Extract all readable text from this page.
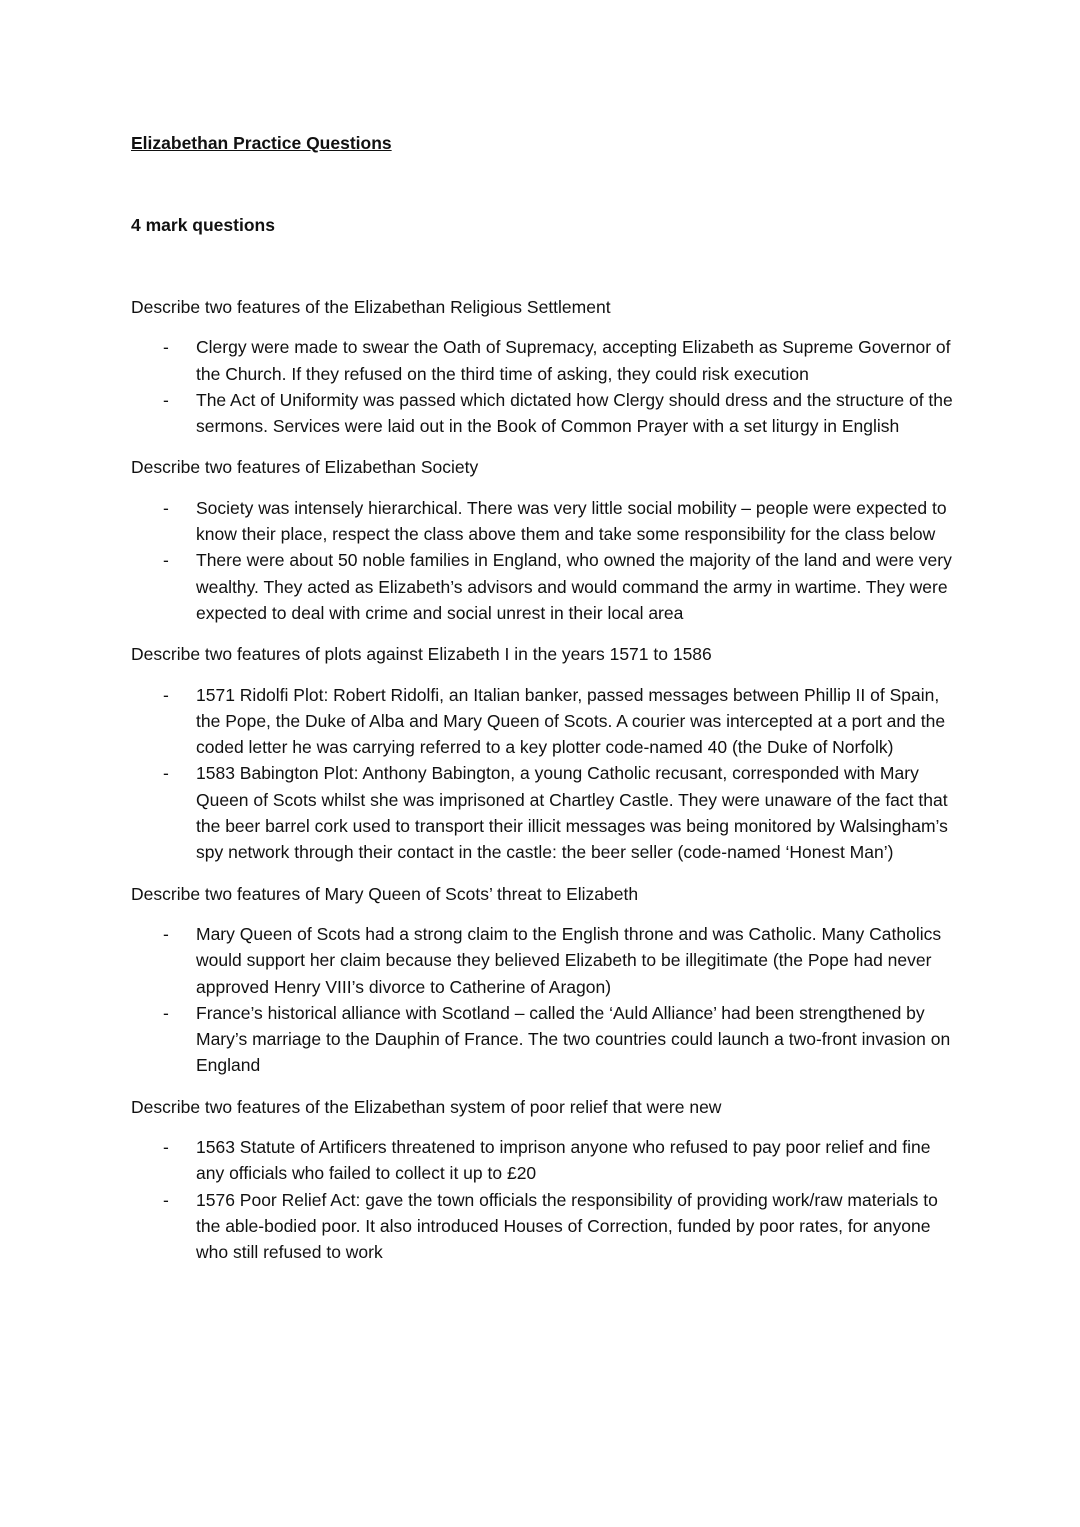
Elizabethan Practice Questions
4 mark questions
Describe two features of the Elizabethan Religious Settlement
- Clergy were made to swear the Oath of Supremacy, accepting Elizabeth as Supreme Governor of the Church. If they refused on the third time of asking, they could risk execution
- The Act of Uniformity was passed which dictated how Clergy should dress and the structure of the sermons. Services were laid out in the Book of Common Prayer with a set liturgy in English
Describe two features of Elizabethan Society
- Society was intensely hierarchical. There was very little social mobility – people were expected to know their place, respect the class above them and take some responsibility for the class below
- There were about 50 noble families in England, who owned the majority of the land and were very wealthy. They acted as Elizabeth’s advisors and would command the army in wartime. They were expected to deal with crime and social unrest in their local area
Describe two features of plots against Elizabeth I in the years 1571 to 1586
- 1571 Ridolfi Plot: Robert Ridolfi, an Italian banker, passed messages between Phillip II of Spain, the Pope, the Duke of Alba and Mary Queen of Scots. A courier was intercepted at a port and the coded letter he was carrying referred to a key plotter code-named 40 (the Duke of Norfolk)
- 1583 Babington Plot: Anthony Babington, a young Catholic recusant, corresponded with Mary Queen of Scots whilst she was imprisoned at Chartley Castle. They were unaware of the fact that the beer barrel cork used to transport their illicit messages was being monitored by Walsingham’s spy network through their contact in the castle: the beer seller (code-named ‘Honest Man’)
Describe two features of Mary Queen of Scots’ threat to Elizabeth
- Mary Queen of Scots had a strong claim to the English throne and was Catholic. Many Catholics would support her claim because they believed Elizabeth to be illegitimate (the Pope had never approved Henry VIII’s divorce to Catherine of Aragon)
- France’s historical alliance with Scotland – called the ‘Auld Alliance’ had been strengthened by Mary’s marriage to the Dauphin of France. The two countries could launch a two-front invasion on England
Describe two features of the Elizabethan system of poor relief that were new
- 1563 Statute of Artificers threatened to imprison anyone who refused to pay poor relief and fine any officials who failed to collect it up to £20
- 1576 Poor Relief Act: gave the town officials the responsibility of providing work/raw materials to the able-bodied poor. It also introduced Houses of Correction, funded by poor rates, for anyone who still refused to work
